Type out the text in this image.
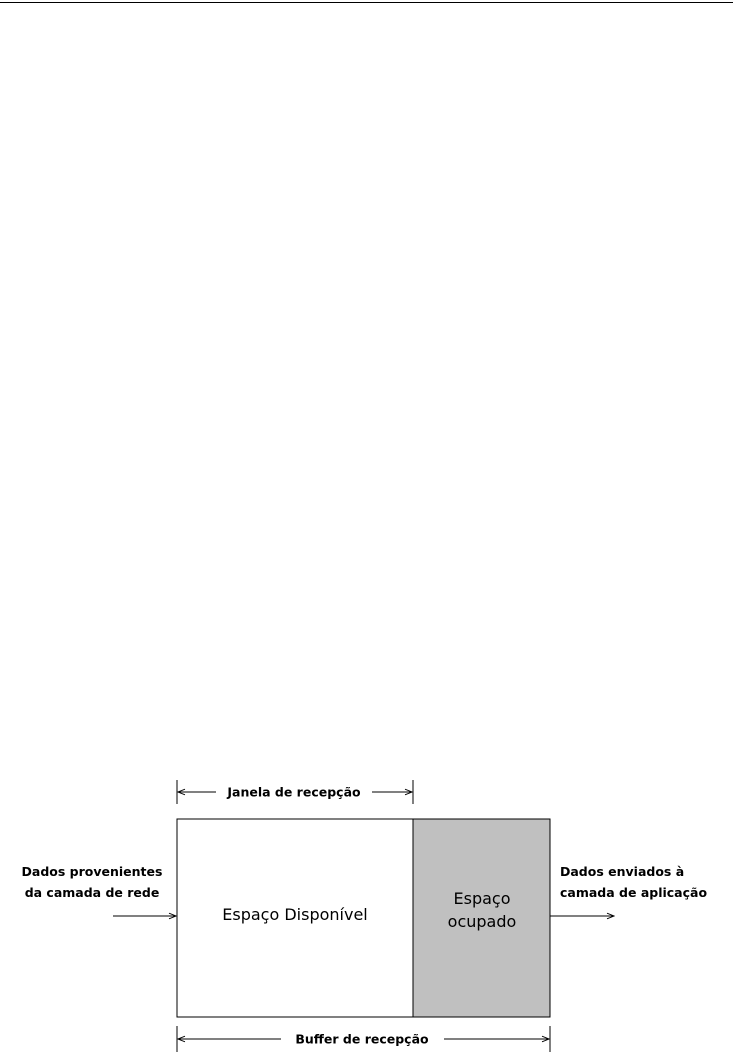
Janela de recepção
Espaço Disponível
Espaço
ocupado
Dados provenientes
da camada de rede
Dados enviados à
camada de aplicação
Buffer de recepção
